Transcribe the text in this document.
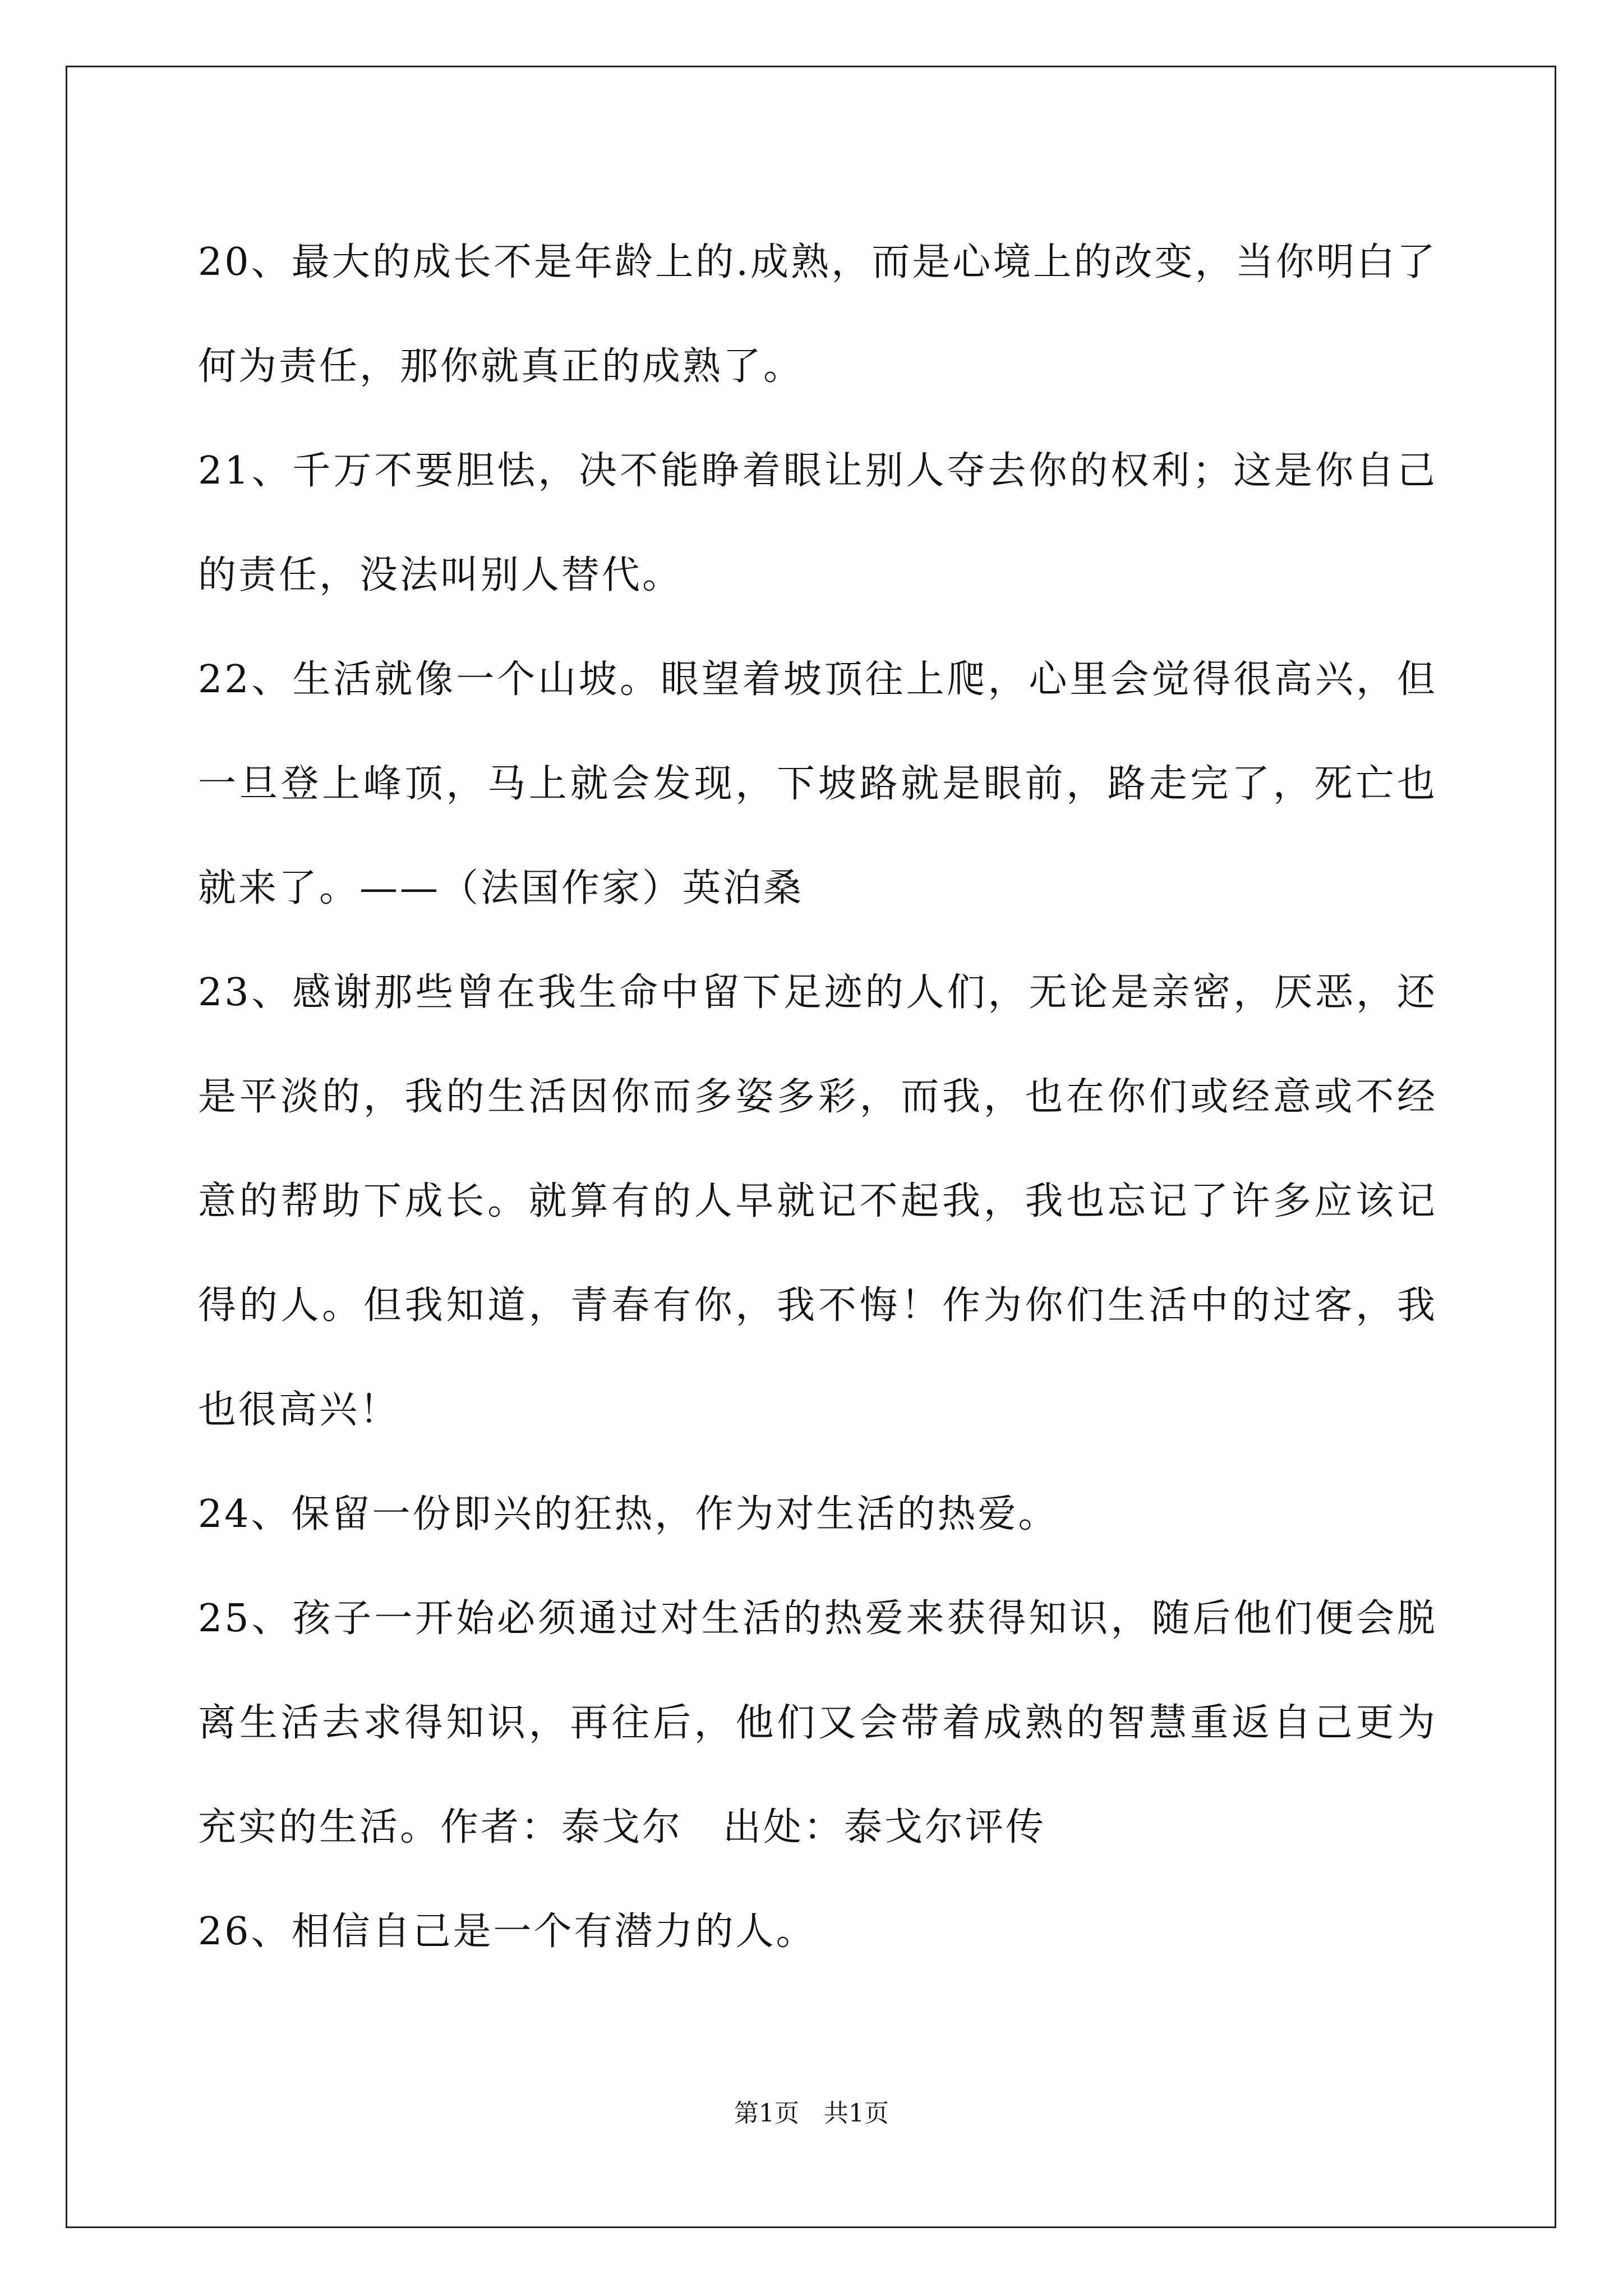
20、最大的成长不是年龄上的.成熟，而是心境上的改变，当你明白了何为责任，那你就真正的成熟了。

21、千万不要胆怯，决不能睁着眼让别人夺去你的权利；这是你自己的责任，没法叫别人替代。

22、生活就像一个山坡。眼望着坡顶往上爬，心里会觉得很高兴，但一旦登上峰顶，马上就会发现，下坡路就是眼前，路走完了，死亡也就来了。——（法国作家）英泊桑

23、感谢那些曾在我生命中留下足迹的人们，无论是亲密，厌恶，还是平淡的，我的生活因你而多姿多彩，而我，也在你们或经意或不经意的帮助下成长。就算有的人早就记不起我，我也忘记了许多应该记得的人。但我知道，青春有你，我不悔！作为你们生活中的过客，我也很高兴！

24、保留一份即兴的狂热，作为对生活的热爱。

25、孩子一开始必须通过对生活的热爱来获得知识，随后他们便会脱离生活去求得知识，再往后，他们又会带着成熟的智慧重返自己更为充实的生活。作者：泰戈尔　出处：泰戈尔评传

26、相信自己是一个有潜力的人。

第1页　共1页
